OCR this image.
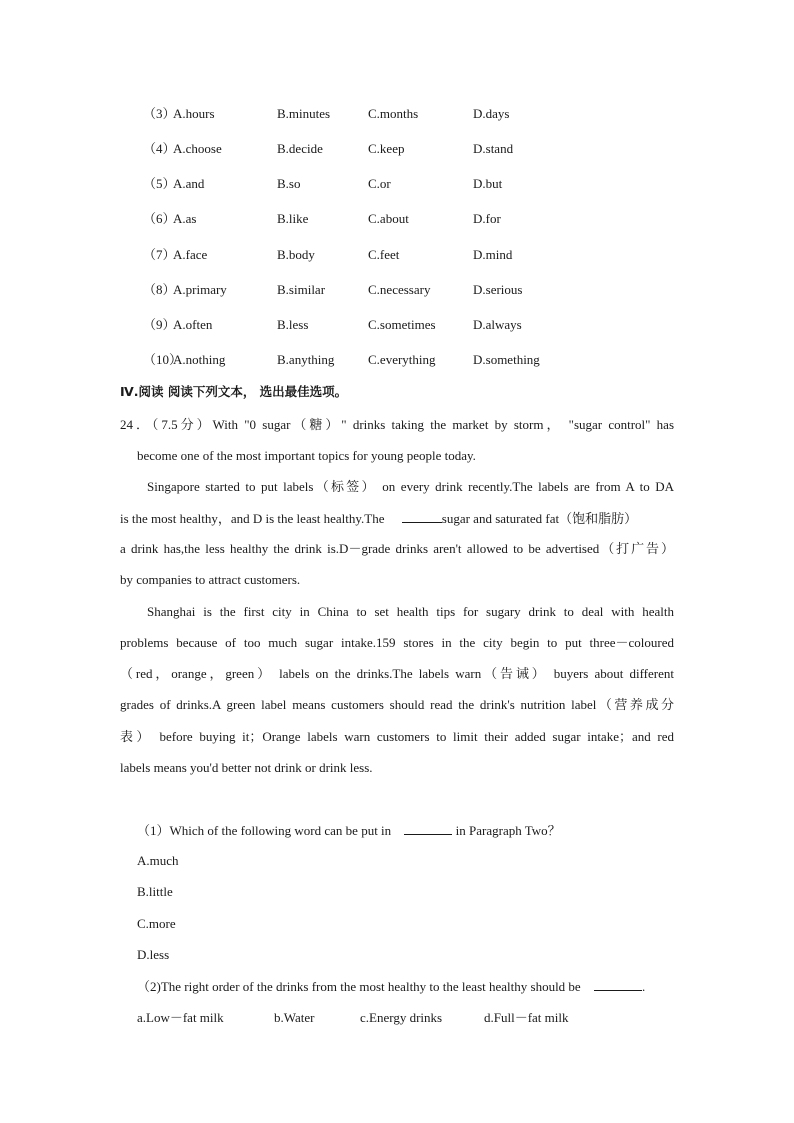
（3）
A.hours	B.minutes	C.months	D.days
（4）
A.choose	B.decide	C.keep	D.stand
（5）
A.and	B.so	C.or	D.but
（6）
A.as	B.like	C.about	D.for
（7）
A.face	B.body	C.feet	D.mind
（8）
A.primary	B.similar	C.necessary	D.serious
（9）
A.often	B.less	C.sometimes	D.always
（10）
A.nothing	B.anything	C.everything	D.something
Ⅳ.阅读 阅读下列文本， 选出最佳选项。
24．（7.5分）With "0 sugar（糖）" drinks taking the market by storm， "sugar control" has
become one of the most important topics for young people today.
Singapore started to put labels（标签） on every drink recently.The labels are from A to DA
is the most healthy，and D is the least healthy.The	sugar and saturated fat（饱和脂肪）
a drink has,the less healthy the drink is.D－grade drinks aren't allowed to be advertised（打广告）
by companies to attract customers.
Shanghai is the first city in China to set health tips for sugary drink to deal with health
problems because of too much sugar intake.159 stores in the city begin to put three－coloured
（red，orange，green） labels on the drinks.The labels warn（告诫） buyers about different
grades of drinks.A green label means customers should read the drink's nutrition label（营养成分
表） before buying it；Orange labels warn customers to limit their added sugar intake；and red
labels means you'd better not drink or drink less.
（1）Which of the following word can be put in	in Paragraph Two？
A.much
B.little
C.more
D.less
（2)The right order of the drinks from the most healthy to the least healthy should be	.
a.Low－fat milk	b.Water	c.Energy drinks	d.Full－fat milk
